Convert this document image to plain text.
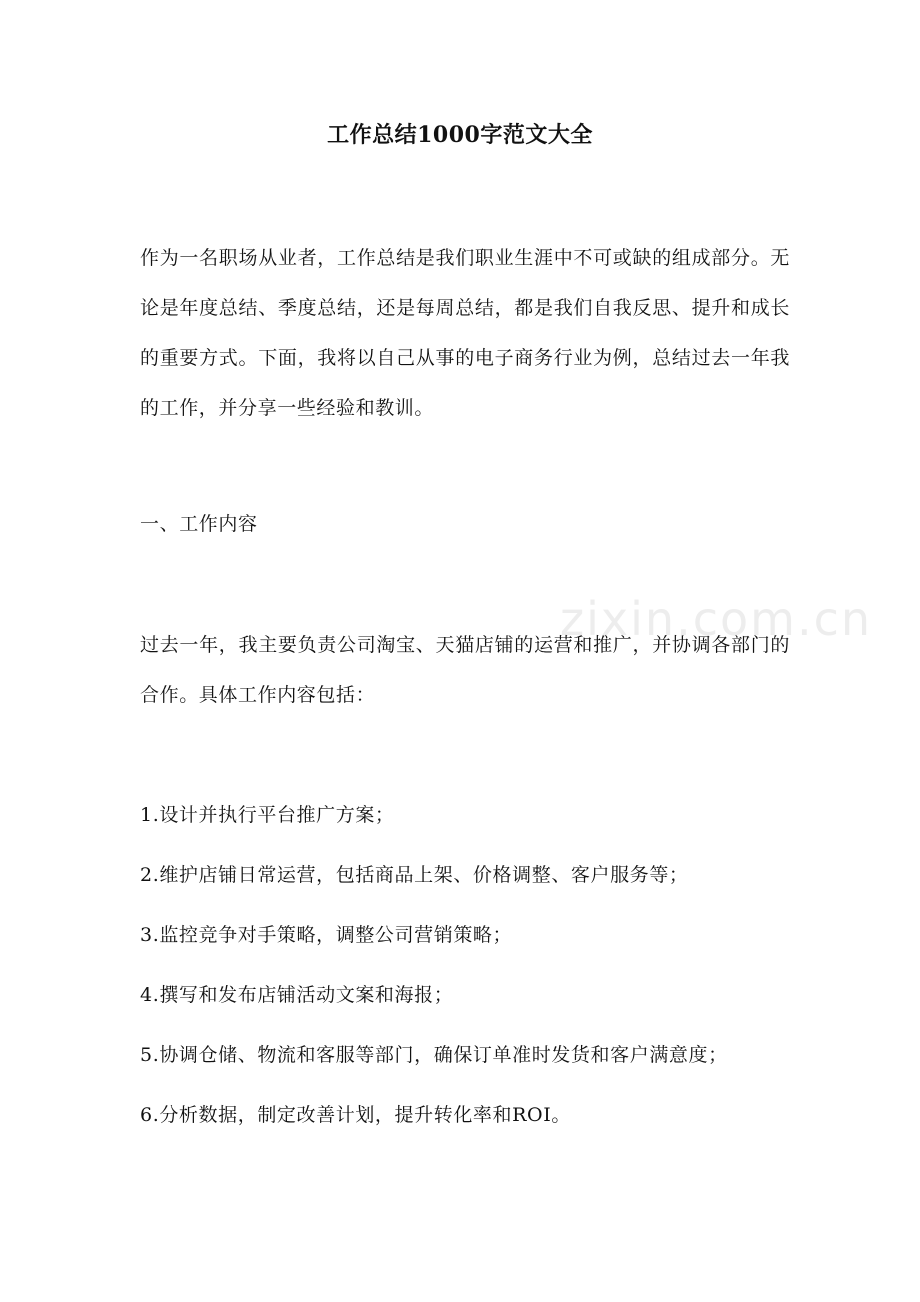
zixin.com.cn
工作总结1000字范文大全
作为一名职场从业者，工作总结是我们职业生涯中不可或缺的组成部分。无论是年度总结、季度总结，还是每周总结，都是我们自我反思、提升和成长的重要方式。下面，我将以自己从事的电子商务行业为例，总结过去一年我的工作，并分享一些经验和教训。
一、工作内容
过去一年，我主要负责公司淘宝、天猫店铺的运营和推广，并协调各部门的合作。具体工作内容包括：
1.设计并执行平台推广方案；
2.维护店铺日常运营，包括商品上架、价格调整、客户服务等；
3.监控竞争对手策略，调整公司营销策略；
4.撰写和发布店铺活动文案和海报；
5.协调仓储、物流和客服等部门，确保订单准时发货和客户满意度；
6.分析数据，制定改善计划，提升转化率和ROI。
